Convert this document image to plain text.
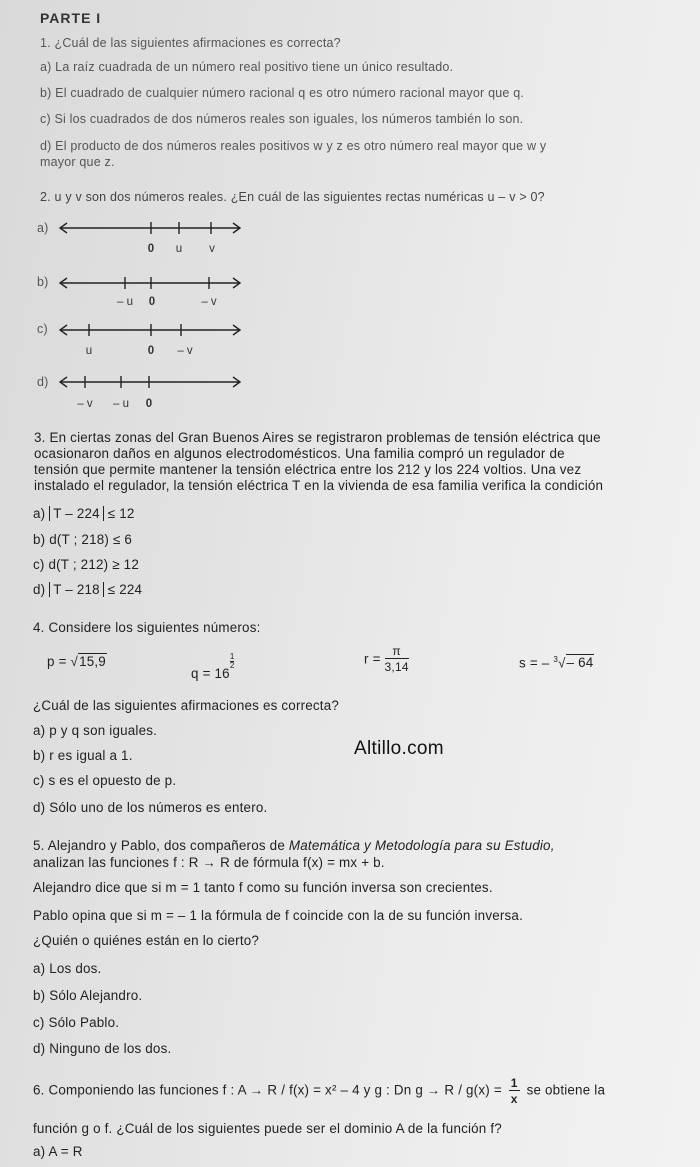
PARTE I
1. ¿Cuál de las siguientes afirmaciones es correcta?
a) La raíz cuadrada de un número real positivo tiene un único resultado.
b) El cuadrado de cualquier número racional q es otro número racional mayor que q.
c) Si los cuadrados de dos números reales son iguales, los números también lo son.
d) El producto de dos números reales positivos w y z es otro número real mayor que w y
mayor que z.
2. u y v son dos números reales. ¿En cuál de las siguientes rectas numéricas u – v > 0?
a)
0 u v
b)
– u 0	– v
c)
u	0 – v
d)
– v – u 0
3. En ciertas zonas del Gran Buenos Aires se registraron problemas de tensión eléctrica que
ocasionaron daños en algunos electrodomésticos. Una familia compró un regulador de
tensión que permite mantener la tensión eléctrica entre los 212 y los 224 voltios. Una vez
instalado el regulador, la tensión eléctrica T en la vivienda de esa familia verifica la condición
a) T – 224 ≤ 12
b) d(T ; 218) ≤ 6
c) d(T ; 212) ≥ 12
d) T – 218 ≤ 224
4. Considere los siguientes números:
p = √15,9
q = 16
$^{\frac{1}{2}}$	$r = \frac{\pi}{3,14}$	s = – $^3$√– 64
¿Cuál de las siguientes afirmaciones es correcta?
a) p y q son iguales.
b) r es igual a 1.
c) s es el opuesto de p.
d) Sólo uno de los números es entero.
Altillo.com
5. Alejandro y Pablo, dos compañeros de Matemática y Metodología para su Estudio,
analizan las funciones f : R → R de fórmula f(x) = mx + b.
Alejandro dice que si m = 1 tanto f como su función inversa son crecientes.
Pablo opina que si m = – 1 la fórmula de f coincide con la de su función inversa.
¿Quién o quiénes están en lo cierto?
a) Los dos.
b) Sólo Alejandro.
c) Sólo Pablo.
d) Ninguno de los dos.
6. Componiendo las funciones f : A → R / f(x) = x² – 4 y g : Dn $g \to R / g(x) = \frac{1}{x}$ se obtiene la
función g o f. ¿Cuál de los siguientes puede ser el dominio A de la función f?
a) A = R
